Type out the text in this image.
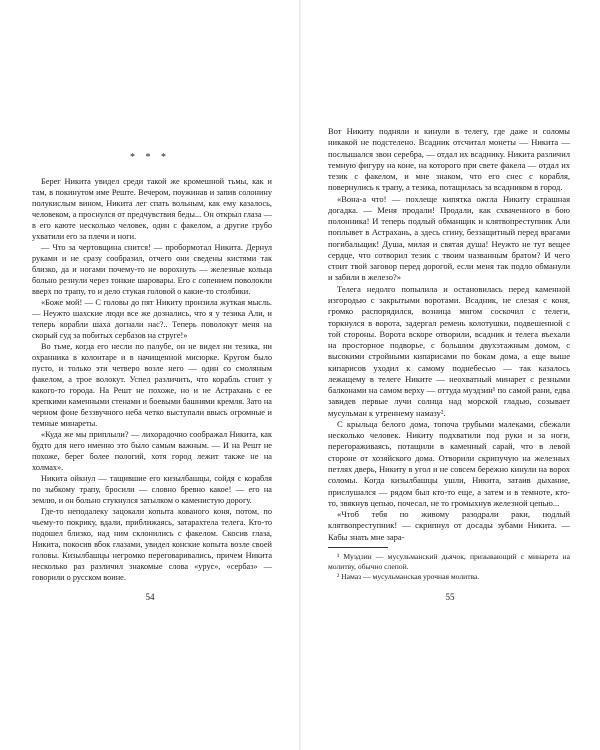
* * *

Берег Никита увидел среди такой же кромешной тьмы, как и там, в покинутом име Реште. Вечером, поужинав и запив солонину полукислым вином, Никита лег спать вольным, как ему казалось, человеком, а проснулся от предчувствия беды... Он открыл глаза — в его каюте несколько человек, один с факелом, а другие грубо ухватили его за плечи и ноги.

— Что за чертовщина снится! — пробормотал Никита. Дернул руками и не сразу сообразил, отчего они сведены кистями так близко, да и ногами почему-то не ворохнуть — железные кольца больно резнули через тонкие шаровары. Его с сопением поволокли вверх по трапу, то и дело стукая головой о какие-то столбики.

«Боже мой! — С головы до пят Никиту пронзила жуткая мысль. — Неужто шахские люди все же дознались, что я у тезика Али, и теперь корабли шаха догнали нас?.. Теперь поволокут меня на скорый суд за побитых сербазов на струге!»

Во тьме, когда его несли по палубе, он не видел ни тезика, ни охранника в колонтаре и в начищенной мисюрке. Кругом было пусто, и только эти четверо возле него — один со смоляным факелом, а трое волокут. Успел различить, что корабль стоит у какого-то города. На Решт не похоже, но и не Астрахань с ее крепкими каменными стенами и боевыми башнями кремля. Зато на черном фоне беззвучного неба четко выступали ввысь огромные и темные минареты.

«Куда же мы приплыли? — лихорадочно соображал Никита, как будто для него именно это было самым важным. — И на Решт не похоже, берег более пологий, хотя город лежит также не на холмах».

Никита ойкнул — тащившие его кизылбашцы, сойдя с корабля по зыбкому трапу, бросили — словно бревно какое! — его на землю, и он больно стукнулся затылком о каменистую дорогу.

Где-то неподалеку зацокали копыта кованого коня, потом, по чьему-то покрику, вдали, приближаясь, затарахтела телега. Кто-то подошел близко, над ним склонились с факелом. Скосив глаза, Никита, покосив вбок глазами, увидел конские копыта возле своей головы. Кизылбашцы негромко переговаривались, причем Никита несколько раз различил знакомые слова «урус», «сербаз» — говорили о русском воине.

54

Вот Никиту подняли и кинули в телегу, где даже и соломы никакой не подстелено. Всадник отсчитал монеты — Никита — послышался звон серебра, — отдал их всаднику. Никита различил темную фигуру на коне, на которого при свете факела — отдал их тезик с факелом, и мне знаком, что его снес с корабля, повернулись к трапу, а тезика, потащилась за всадником в город.

«Вона-а что! — похлеще кипятка ожгла Никиту страшная догадка. — Меня продали! Продали, как схваченного в бою полонника! И теперь подлый обманщик и клятвопреступник Али поплывет в Астрахань, а здесь сгину, беззащитный перед врагами погибальщик! Душа, милая и святая душа! Неужто не тут вещее сердце, что сотворил тезик с твоим названным братом? И чего стоит твой заговор перед дорогой, если меня так подло обманули и забили в железо?»

Телега недолго попылила и остановилась перед каменной изгородью с закрытыми воротами. Всадник, не слезая с коня, громко распорядился, возница мигом соскочил с телеги, торкнулся в ворота, задергал ремень колотушки, подвешенной с той стороны. Ворота вскоре отворили, всадник и телега въехали на просторное подворье, с большим двухэтажным домом, с высокими стройными кипарисами по бокам дома, а еще выше кипарисов уходил к самому поднебесью — так казалось лежащему в телеге Никите — неохватный минарет с резными балконами на самом верху — оттуда муэдзин¹ по самой рани, едва завидев первые лучи солнца над морской гладью, созывает мусульман к утреннему намазу².

С крыльца белого дома, топоча грубыми малеками, сбежали несколько человек. Никиту подхватили под руки и за ноги, перегораживаясь, потащили в каменный сарай, что в левой стороне от хозяйского дома. Отворили скрипучую на железных петлях дверь, Никиту в угол и не совсем бережно кинули на ворох соломы. Когда кизылбашцы ушли, Никита, затаив дыхание, прислушался — рядом был кто-то еще, а затем и в темноте, кто-то, звякнув цепью, почесал, не то громыхнув железной цепью...

«Чтоб тебя по живому разодрали раки, подлый клятвопреступник! — скрипнул от досады зубами Никита. — Кабы знать мне зара-

¹ Муэдзин — мусульманский дьячок, призывающий с минарета на молитву, обычно слепой.

² Намаз — мусульманская урочная молитва.

55
